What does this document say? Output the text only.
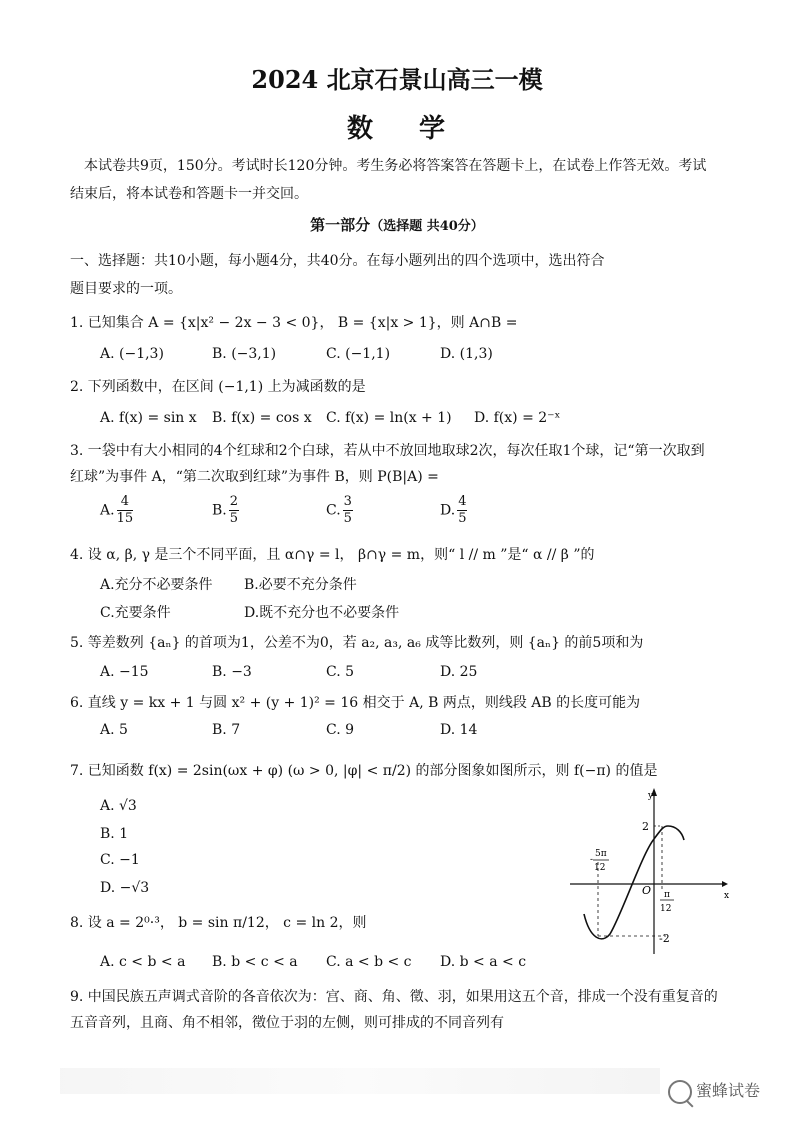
2024 北京石景山高三一模
数 学
本试卷共9页，150分。考试时长120分钟。考生务必将答案答在答题卡上，在试卷上作答无效。考试
结束后，将本试卷和答题卡一并交回。
第一部分（选择题 共40分）
一、选择题：共10小题，每小题4分，共40分。在每小题列出的四个选项中，选出符合
题目要求的一项。
1. 已知集合 A = {x|x² − 2x − 3 < 0}， B = {x|x > 1}，则 A∩B =
A. (−1,3)	B. (−3,1)	C. (−1,1)	D. (1,3)
2. 下列函数中，在区间 (−1,1) 上为减函数的是
A. f(x) = sin x B. f(x) = cos x C. f(x) = ln(x + 1) D. f(x) = 2⁻ˣ
3. 一袋中有大小相同的4个红球和2个白球，若从中不放回地取球2次，每次任取1个球，记“第一次取到
红球”为事件 A，“第二次取到红球”为事件 B，则 P(B|A) =
A. $\frac{4}{15}$	B. $\frac{2}{5}$	C. $\frac{3}{5}$	D. $\frac{4}{5}$
4. 设 α, β, γ 是三个不同平面，且 α∩γ = l， β∩γ = m，则“ l // m ”是“ α // β ”的
A.充分不必要条件 B.必要不充分条件
C.充要条件	D.既不充分也不必要条件
5. 等差数列 {aₙ} 的首项为1，公差不为0，若 a₂, a₃, a₆ 成等比数列，则 {aₙ} 的前5项和为
A. −15	B. −3	C. 5	D. 25
6. 直线 y = kx + 1 与圆 x² + (y + 1)² = 16 相交于 A, B 两点，则线段 AB 的长度可能为
A. 5	B. 7	C. 9	D. 14
7. 已知函数 f(x) = 2sin(ωx + φ) (ω > 0, |φ| < π/2) 的部分图象如图所示，则 f(−π) 的值是
A. √3
B. 1
C. −1
D. −√3
y
x
O
2
-2
-
5π
12
π
12
8. 设 a = 2⁰·³， b = sin π/12， c = ln 2，则
A. c < b < a B. b < c < a C. a < b < c D. b < a < c
9. 中国民族五声调式音阶的各音依次为：宫、商、角、徵、羽，如果用这五个音，排成一个没有重复音的
五音音列，且商、角不相邻，徵位于羽的左侧，则可排成的不同音列有
蜜蜂试卷
